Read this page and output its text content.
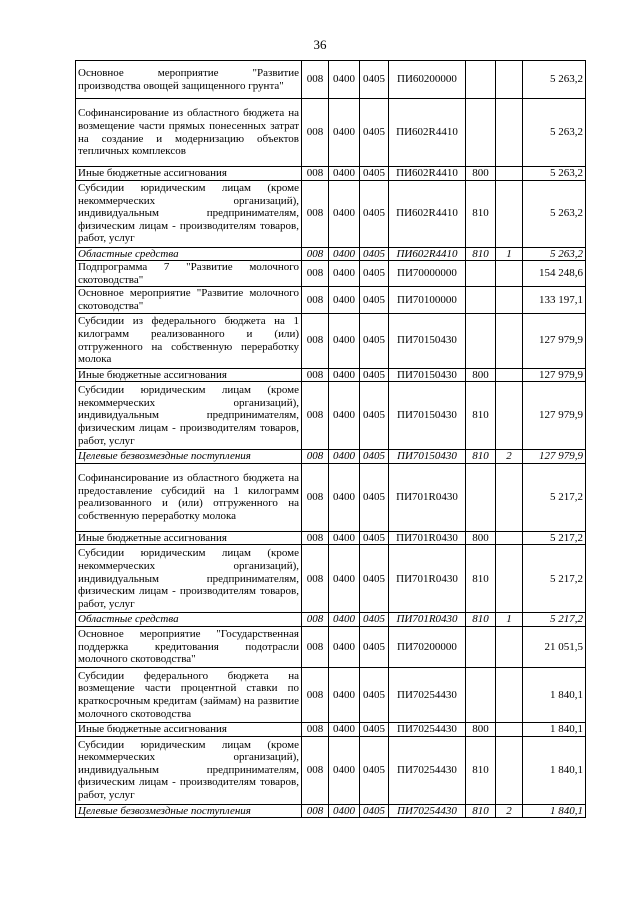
36
Основное мероприятие "Развитие производства овощей защищенного грунта"	008	0400	0405	ПИ60200000			5 263,2
Софинансирование из областного бюджета на возмещение части прямых понесенных затрат на создание и модернизацию объектов тепличных комплексов	008	0400	0405	ПИ602R4410			5 263,2
Иные бюджетные ассигнования	008	0400	0405	ПИ602R4410	800		5 263,2
Субсидии юридическим лицам (кроме некоммерческих организаций), индивидуальным предпринимателям, физическим лицам - производителям товаров, работ, услуг	008	0400	0405	ПИ602R4410	810		5 263,2
Областные средства	008	0400	0405	ПИ602R4410	810	1	5 263,2
Подпрограмма 7 "Развитие молочного скотоводства"	008	0400	0405	ПИ70000000			154 248,6
Основное мероприятие "Развитие молочного скотоводства"	008	0400	0405	ПИ70100000			133 197,1
Субсидии из федерального бюджета на 1 килограмм реализованного и (или) отгруженного на собственную переработку молока	008	0400	0405	ПИ70150430			127 979,9
Иные бюджетные ассигнования	008	0400	0405	ПИ70150430	800		127 979,9
Субсидии юридическим лицам (кроме некоммерческих организаций), индивидуальным предпринимателям, физическим лицам - производителям товаров, работ, услуг	008	0400	0405	ПИ70150430	810		127 979,9
Целевые безвозмездные поступления	008	0400	0405	ПИ70150430	810	2	127 979,9
Софинансирование из областного бюджета на предоставление субсидий на 1 килограмм реализованного и (или) отгруженного на собственную переработку молока	008	0400	0405	ПИ701R0430			5 217,2
Иные бюджетные ассигнования	008	0400	0405	ПИ701R0430	800		5 217,2
Субсидии юридическим лицам (кроме некоммерческих организаций), индивидуальным предпринимателям, физическим лицам - производителям товаров, работ, услуг	008	0400	0405	ПИ701R0430	810		5 217,2
Областные средства	008	0400	0405	ПИ701R0430	810	1	5 217,2
Основное мероприятие "Государственная поддержка кредитования подотрасли молочного скотоводства"	008	0400	0405	ПИ70200000			21 051,5
Субсидии федерального бюджета на возмещение части процентной ставки по краткосрочным кредитам (займам) на развитие молочного скотоводства	008	0400	0405	ПИ70254430			1 840,1
Иные бюджетные ассигнования	008	0400	0405	ПИ70254430	800		1 840,1
Субсидии юридическим лицам (кроме некоммерческих организаций), индивидуальным предпринимателям, физическим лицам - производителям товаров, работ, услуг	008	0400	0405	ПИ70254430	810		1 840,1
Целевые безвозмездные поступления	008	0400	0405	ПИ70254430	810	2	1 840,1
